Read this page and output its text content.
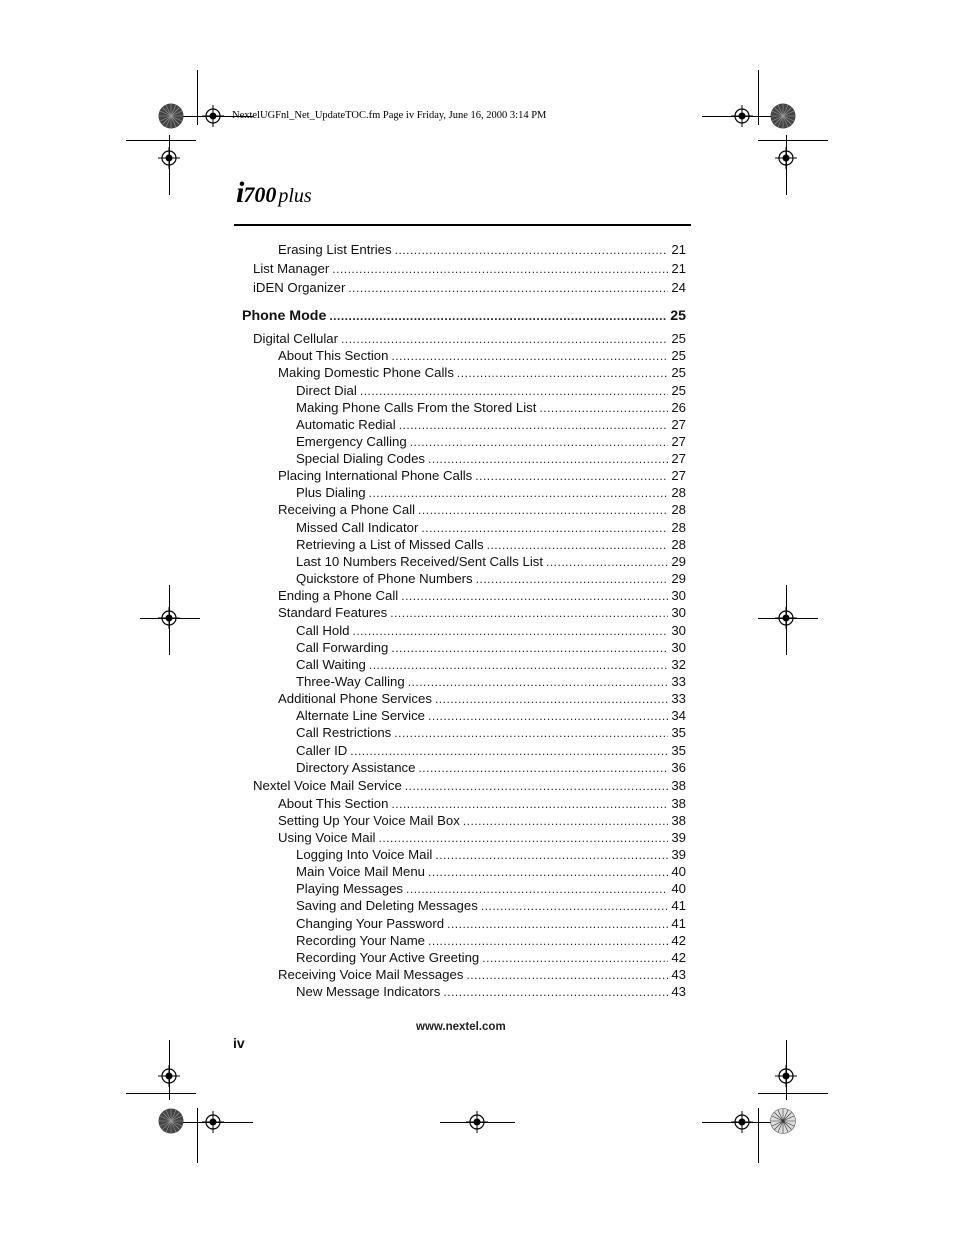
NextelUGFnl_Net_UpdateTOC.fm Page iv Friday, June 16, 2000 3:14 PM
i700 plus
Erasing List Entries .....	21
List Manager .....	21
iDEN Organizer .....	24
Phone Mode .....	25
Digital Cellular .....	25
About This Section .....	25
Making Domestic Phone Calls .....	25
Direct Dial .....	25
Making Phone Calls From the Stored List .....	26
Automatic Redial .....	27
Emergency Calling .....	27
Special Dialing Codes .....	27
Placing International Phone Calls .....	27
Plus Dialing .....	28
Receiving a Phone Call .....	28
Missed Call Indicator .....	28
Retrieving a List of Missed Calls .....	28
Last 10 Numbers Received/Sent Calls List .....	29
Quickstore of Phone Numbers .....	29
Ending a Phone Call .....	30
Standard Features .....	30
Call Hold .....	30
Call Forwarding .....	30
Call Waiting .....	32
Three-Way Calling .....	33
Additional Phone Services .....	33
Alternate Line Service .....	34
Call Restrictions .....	35
Caller ID .....	35
Directory Assistance .....	36
Nextel Voice Mail Service .....	38
About This Section .....	38
Setting Up Your Voice Mail Box .....	38
Using Voice Mail .....	39
Logging Into Voice Mail .....	39
Main Voice Mail Menu .....	40
Playing Messages .....	40
Saving and Deleting Messages .....	41
Changing Your Password .....	41
Recording Your Name .....	42
Recording Your Active Greeting .....	42
Receiving Voice Mail Messages .....	43
New Message Indicators .....	43
www.nextel.com
iv
